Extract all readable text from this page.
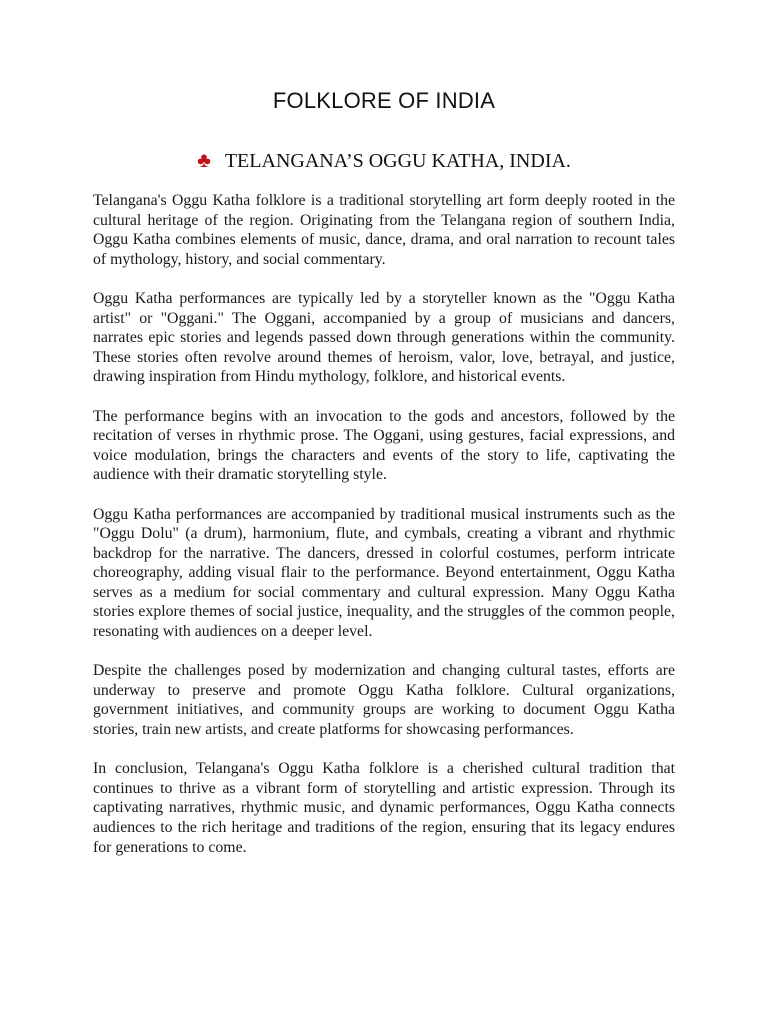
FOLKLORE OF INDIA
♣ TELANGANA’S OGGU KATHA, INDIA.

Telangana's Oggu Katha folklore is a traditional storytelling art form deeply rooted in the cultural heritage of the region. Originating from the Telangana region of southern India, Oggu Katha combines elements of music, dance, drama, and oral narration to recount tales of mythology, history, and social commentary.

Oggu Katha performances are typically led by a storyteller known as the "Oggu Katha artist" or "Oggani." The Oggani, accompanied by a group of musicians and dancers, narrates epic stories and legends passed down through generations within the community. These stories often revolve around themes of heroism, valor, love, betrayal, and justice, drawing inspiration from Hindu mythology, folklore, and historical events.

The performance begins with an invocation to the gods and ancestors, followed by the recitation of verses in rhythmic prose. The Oggani, using gestures, facial expressions, and voice modulation, brings the characters and events of the story to life, captivating the audience with their dramatic storytelling style.

Oggu Katha performances are accompanied by traditional musical instruments such as the "Oggu Dolu" (a drum), harmonium, flute, and cymbals, creating a vibrant and rhythmic backdrop for the narrative. The dancers, dressed in colorful costumes, perform intricate choreography, adding visual flair to the performance. Beyond entertainment, Oggu Katha serves as a medium for social commentary and cultural expression. Many Oggu Katha stories explore themes of social justice, inequality, and the struggles of the common people, resonating with audiences on a deeper level.

Despite the challenges posed by modernization and changing cultural tastes, efforts are underway to preserve and promote Oggu Katha folklore. Cultural organizations, government initiatives, and community groups are working to document Oggu Katha stories, train new artists, and create platforms for showcasing performances.

In conclusion, Telangana's Oggu Katha folklore is a cherished cultural tradition that continues to thrive as a vibrant form of storytelling and artistic expression. Through its captivating narratives, rhythmic music, and dynamic performances, Oggu Katha connects audiences to the rich heritage and traditions of the region, ensuring that its legacy endures for generations to come.
